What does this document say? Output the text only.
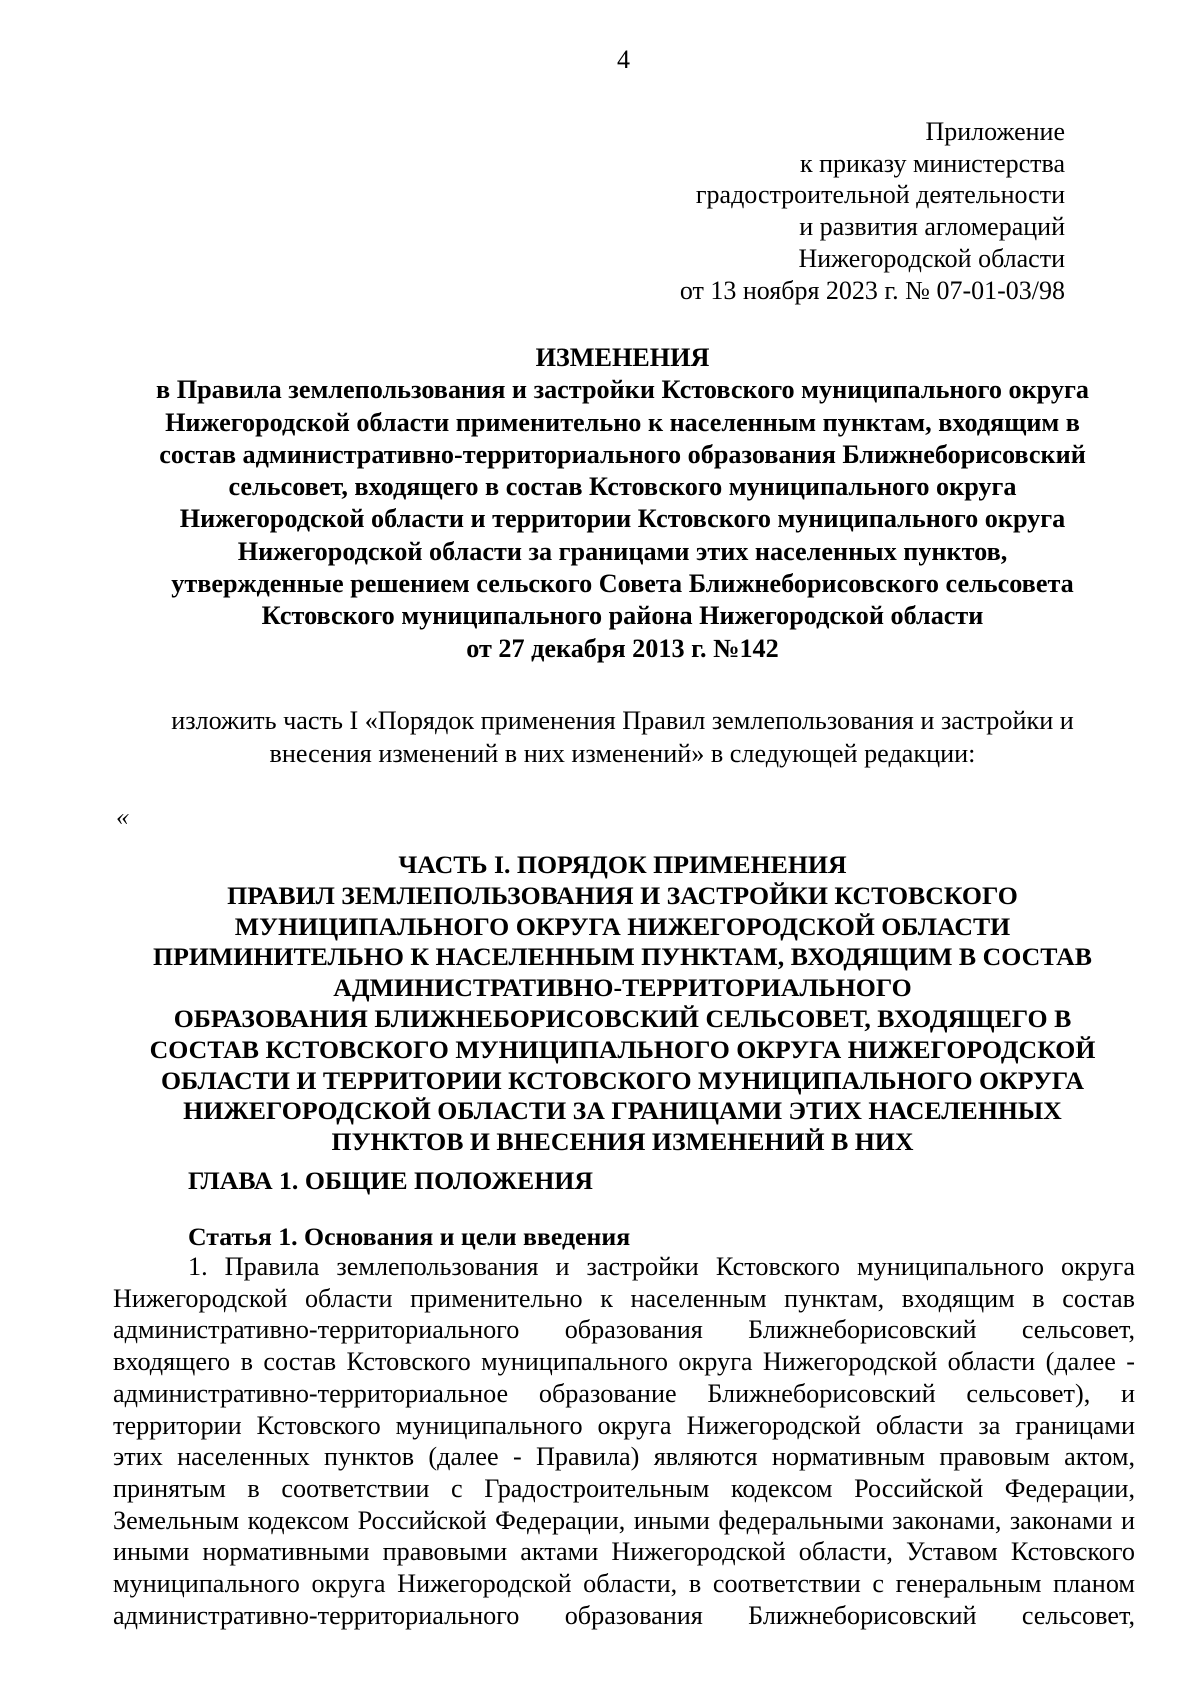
4
Приложение
к приказу министерства
градостроительной деятельности
и развития агломераций
Нижегородской области
от 13 ноября 2023 г. № 07-01-03/98
ИЗМЕНЕНИЯ
в Правила землепользования и застройки Кстовского муниципального округа
Нижегородской области применительно к населенным пунктам, входящим в
состав административно-территориального образования Ближнеборисовский
сельсовет, входящего в состав Кстовского муниципального округа
Нижегородской области и территории Кстовского муниципального округа
Нижегородской области за границами этих населенных пунктов,
утвержденные решением сельского Совета Ближнеборисовского сельсовета
Кстовского муниципального района Нижегородской области
от 27 декабря 2013 г. №142
изложить часть I «Порядок применения Правил землепользования и застройки и
внесения изменений в них изменений» в следующей редакции:
«
ЧАСТЬ I. ПОРЯДОК ПРИМЕНЕНИЯ
ПРАВИЛ ЗЕМЛЕПОЛЬЗОВАНИЯ И ЗАСТРОЙКИ КСТОВСКОГО
МУНИЦИПАЛЬНОГО ОКРУГА НИЖЕГОРОДСКОЙ ОБЛАСТИ
ПРИМИНИТЕЛЬНО К НАСЕЛЕННЫМ ПУНКТАМ, ВХОДЯЩИМ В СОСТАВ
АДМИНИСТРАТИВНО-ТЕРРИТОРИАЛЬНОГО
ОБРАЗОВАНИЯ БЛИЖНЕБОРИСОВСКИЙ СЕЛЬСОВЕТ, ВХОДЯЩЕГО В
СОСТАВ КСТОВСКОГО МУНИЦИПАЛЬНОГО ОКРУГА НИЖЕГОРОДСКОЙ
ОБЛАСТИ И ТЕРРИТОРИИ КСТОВСКОГО МУНИЦИПАЛЬНОГО ОКРУГА
НИЖЕГОРОДСКОЙ ОБЛАСТИ ЗА ГРАНИЦАМИ ЭТИХ НАСЕЛЕННЫХ
ПУНКТОВ И ВНЕСЕНИЯ ИЗМЕНЕНИЙ В НИХ
ГЛАВА 1. ОБЩИЕ ПОЛОЖЕНИЯ
Статья 1. Основания и цели введения
1. Правила землепользования и застройки Кстовского муниципального округа
Нижегородской области применительно к населенным пунктам, входящим в состав
административно-территориального образования Ближнеборисовский сельсовет,
входящего в состав Кстовского муниципального округа Нижегородской области (далее -
административно-территориальное образование Ближнеборисовский сельсовет), и
территории Кстовского муниципального округа Нижегородской области за границами
этих населенных пунктов (далее - Правила) являются нормативным правовым актом,
принятым в соответствии с Градостроительным кодексом Российской Федерации,
Земельным кодексом Российской Федерации, иными федеральными законами, законами и
иными нормативными правовыми актами Нижегородской области, Уставом Кстовского
муниципального округа Нижегородской области, в соответствии с генеральным планом
административно-территориального образования Ближнеборисовский сельсовет,
